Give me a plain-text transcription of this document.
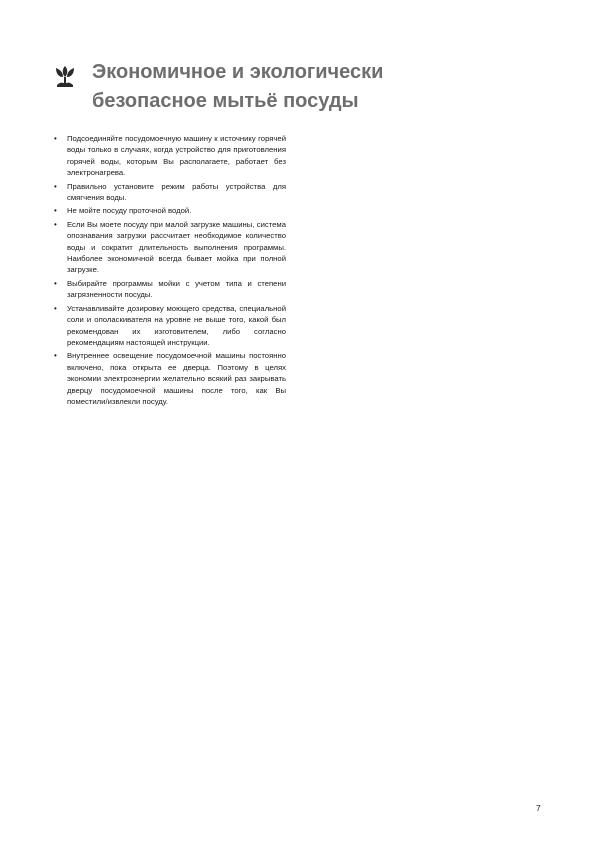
Экономичное и экологически
безопасное мытьё посуды
• Подсоединяйте посудомоечную машину к источнику горячей воды только в случаях, когда устройство для приготовления горячей воды, которым Вы располагаете, работает без электронагрева.
• Правильно установите режим работы устройства для смягчения воды.
• Не мойте посуду проточной водой.
• Если Вы моете посуду при малой загрузке машины, система опознавания загрузки рассчитает необходимое количество воды и сократит длительность выполнения программы. Наиболее экономичной всегда бывает мойка при полной загрузке.
• Выбирайте программы мойки с учетом типа и степени загрязненности посуды.
• Устанавливайте дозировку моющего средства, специальной соли и ополаскивателя на уровне не выше того, какой был рекомендован их изготовителем, либо согласно рекомендациям настоящей инструкции.
• Внутреннее освещение посудомоечной машины постоянно включено, пока открыта ее дверца. Поэтому в целях экономии электроэнергии желательно всякий раз закрывать дверцу посудомоечной машины после того, как Вы поместили/извлекли посуду.
7
